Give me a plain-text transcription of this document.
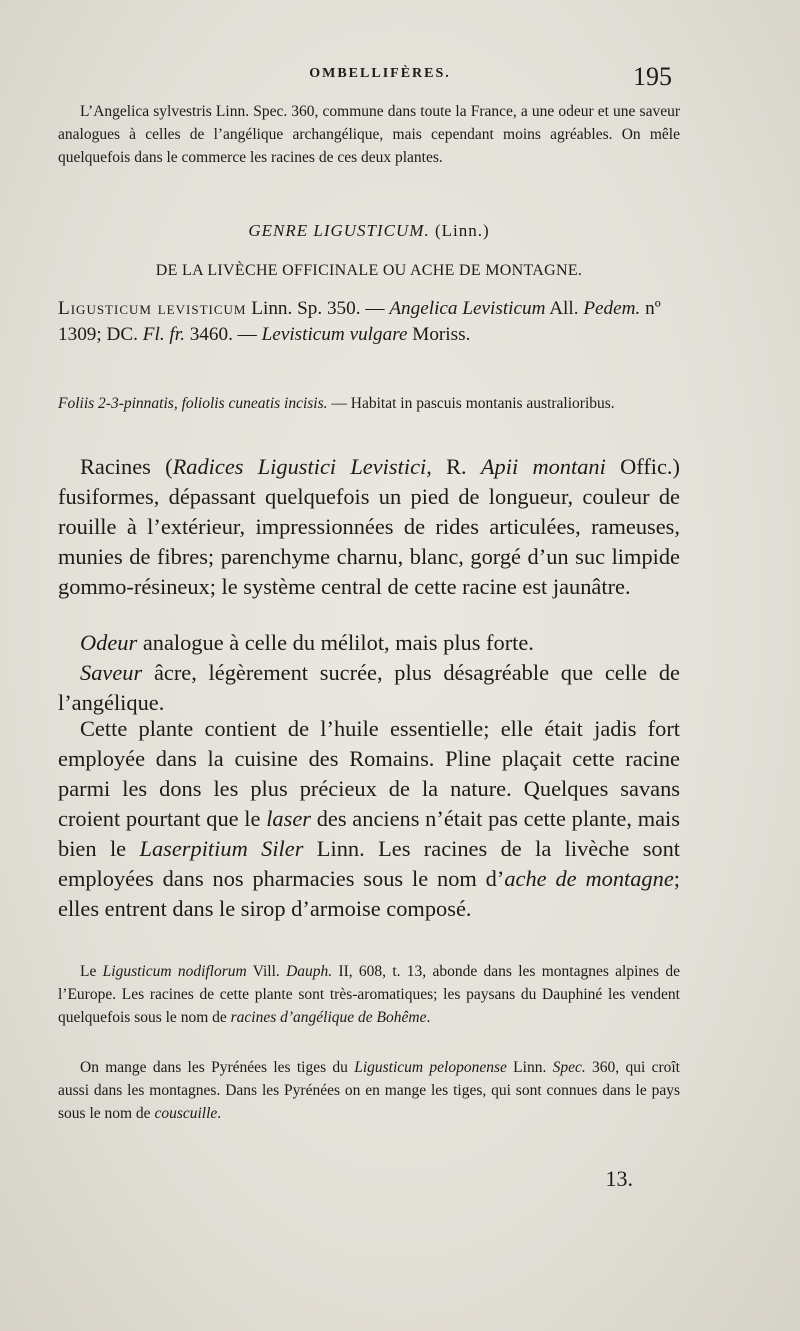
OMBELLIFÈRES.	195

L’Angelica sylvestris Linn. Spec. 360, commune dans toute la France, a une odeur et une saveur analogues à celles de l’angélique archangélique, mais cependant moins agréables. On mêle quelquefois dans le commerce les racines de ces deux plantes.

GENRE LIGUSTICUM. (Linn.)
DE LA LIVÈCHE OFFICINALE OU ACHE DE MONTAGNE.

Ligusticum levisticum Linn. Sp. 350. — Angelica Levisticum All. Pedem. nº 1309; DC. Fl. fr. 3460. — Levisticum vulgare Moriss.

Foliis 2-3-pinnatis, foliolis cuneatis incisis. — Habitat in pascuis montanis australioribus.

Racines (Radices Ligustici Levistici, R. Apii montani Offic.) fusiformes, dépassant quelquefois un pied de longueur, couleur de rouille à l’extérieur, impressionnées de rides articulées, rameuses, munies de fibres; parenchyme charnu, blanc, gorgé d’un suc limpide gommo-résineux; le système central de cette racine est jaunâtre.

Odeur analogue à celle du mélilot, mais plus forte.

Saveur âcre, légèrement sucrée, plus désagréable que celle de l’angélique.

Cette plante contient de l’huile essentielle; elle était jadis fort employée dans la cuisine des Romains. Pline plaçait cette racine parmi les dons les plus précieux de la nature. Quelques savans croient pourtant que le laser des anciens n’était pas cette plante, mais bien le Laserpitium Siler Linn. Les racines de la livèche sont employées dans nos pharmacies sous le nom d’ache de montagne; elles entrent dans le sirop d’armoise composé.

Le Ligusticum nodiflorum Vill. Dauph. II, 608, t. 13, abonde dans les montagnes alpines de l’Europe. Les racines de cette plante sont très-aromatiques; les paysans du Dauphiné les vendent quelquefois sous le nom de racines d’angélique de Bohême.

On mange dans les Pyrénées les tiges du Ligusticum peloponense Linn. Spec. 360, qui croît aussi dans les montagnes. Dans les Pyrénées on en mange les tiges, qui sont connues dans le pays sous le nom de couscuille.

13.
